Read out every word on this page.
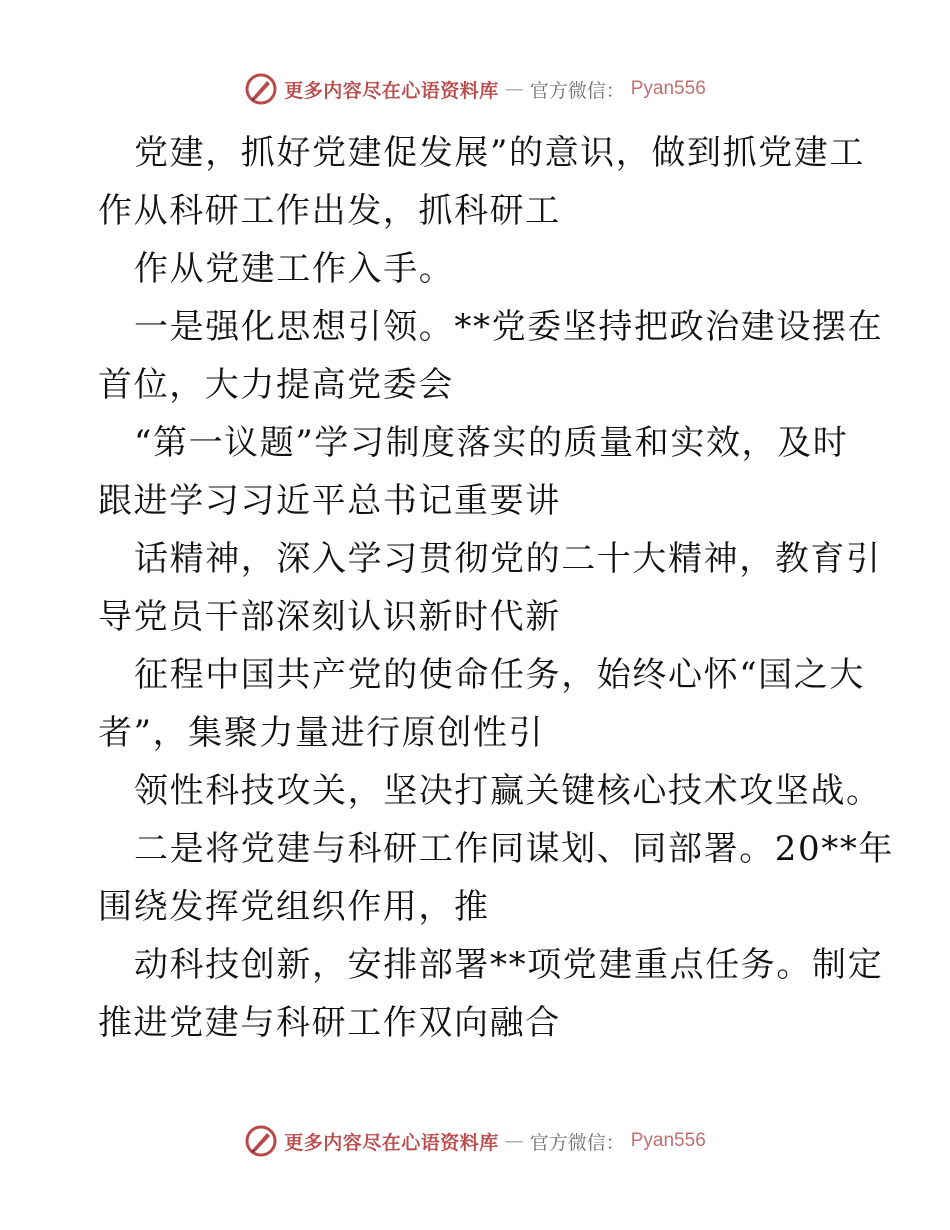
更多内容尽在心语资料库 — 官方微信： Pyan556
党建，抓好党建促发展”的意识，做到抓党建工
作从科研工作出发，抓科研工
作从党建工作入手。
一是强化思想引领。**党委坚持把政治建设摆在
首位，大力提高党委会
“第一议题”学习制度落实的质量和实效，及时
跟进学习习近平总书记重要讲
话精神，深入学习贯彻党的二十大精神，教育引
导党员干部深刻认识新时代新
征程中国共产党的使命任务，始终心怀“国之大
者”，集聚力量进行原创性引
领性科技攻关，坚决打赢关键核心技术攻坚战。
二是将党建与科研工作同谋划、同部署。20**年
围绕发挥党组织作用，推
动科技创新，安排部署**项党建重点任务。制定
推进党建与科研工作双向融合
更多内容尽在心语资料库 — 官方微信： Pyan556
